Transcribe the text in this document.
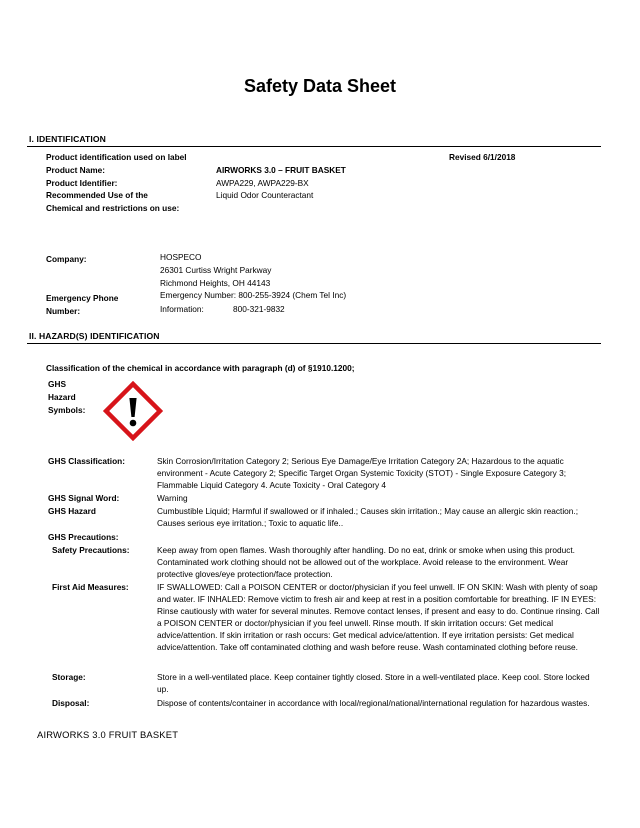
Safety Data Sheet
I. IDENTIFICATION
Product identification used on label	Revised 6/1/2018
Product Name:	AIRWORKS 3.0 – FRUIT BASKET
Product Identifier:	AWPA229, AWPA229-BX
Recommended Use of the	Liquid Odor Counteractant
Chemical and restrictions on use:
Company:	HOSPECO
26301 Curtiss Wright Parkway
Richmond Heights, OH 44143
Emergency Phone	Emergency Number: 800-255-3924 (Chem Tel Inc)
Number:	Information:	800-321-9832
II. HAZARD(S) IDENTIFICATION
Classification of the chemical in accordance with paragraph (d) of §1910.1200;
GHS
Hazard
Symbols:
GHS Classification:	Skin Corrosion/Irritation Category 2; Serious Eye Damage/Eye Irritation Category 2A; Hazardous to the aquatic environment - Acute Category 2; Specific Target Organ Systemic Toxicity (STOT) - Single Exposure Category 3; Flammable Liquid Category 4. Acute Toxicity - Oral Category 4
GHS Signal Word:	Warning
GHS Hazard	Cumbustible Liquid; Harmful if swallowed or if inhaled.; Causes skin irritation.; May cause an allergic skin reaction.; Causes serious eye irritation.; Toxic to aquatic life..
GHS Precautions:
Safety Precautions:	Keep away from open flames. Wash thoroughly after handling. Do no eat, drink or smoke when using this product. Contaminated work clothing should not be allowed out of the workplace. Avoid release to the environment. Wear protective gloves/eye protection/face protection.
First Aid Measures:	IF SWALLOWED: Call a POISON CENTER or doctor/physician if you feel unwell. IF ON SKIN: Wash with plenty of soap and water. IF INHALED: Remove victim to fresh air and keep at rest in a position comfortable for breathing. IF IN EYES: Rinse cautiously with water for several minutes. Remove contact lenses, if present and easy to do. Continue rinsing. Call a POISON CENTER or doctor/physician if you feel unwell. Rinse mouth. If skin irritation occurs: Get medical advice/attention. If skin irritation or rash occurs: Get medical advice/attention. If eye irritation persists: Get medical advice/attention. Take off contaminated clothing and wash before reuse. Wash contaminated clothing before reuse.
Storage:	Store in a well-ventilated place. Keep container tightly closed. Store in a well-ventilated place. Keep cool. Store locked up.
Disposal:	Dispose of contents/container in accordance with local/regional/national/international regulation for hazardous wastes.
AIRWORKS 3.0 FRUIT BASKET
